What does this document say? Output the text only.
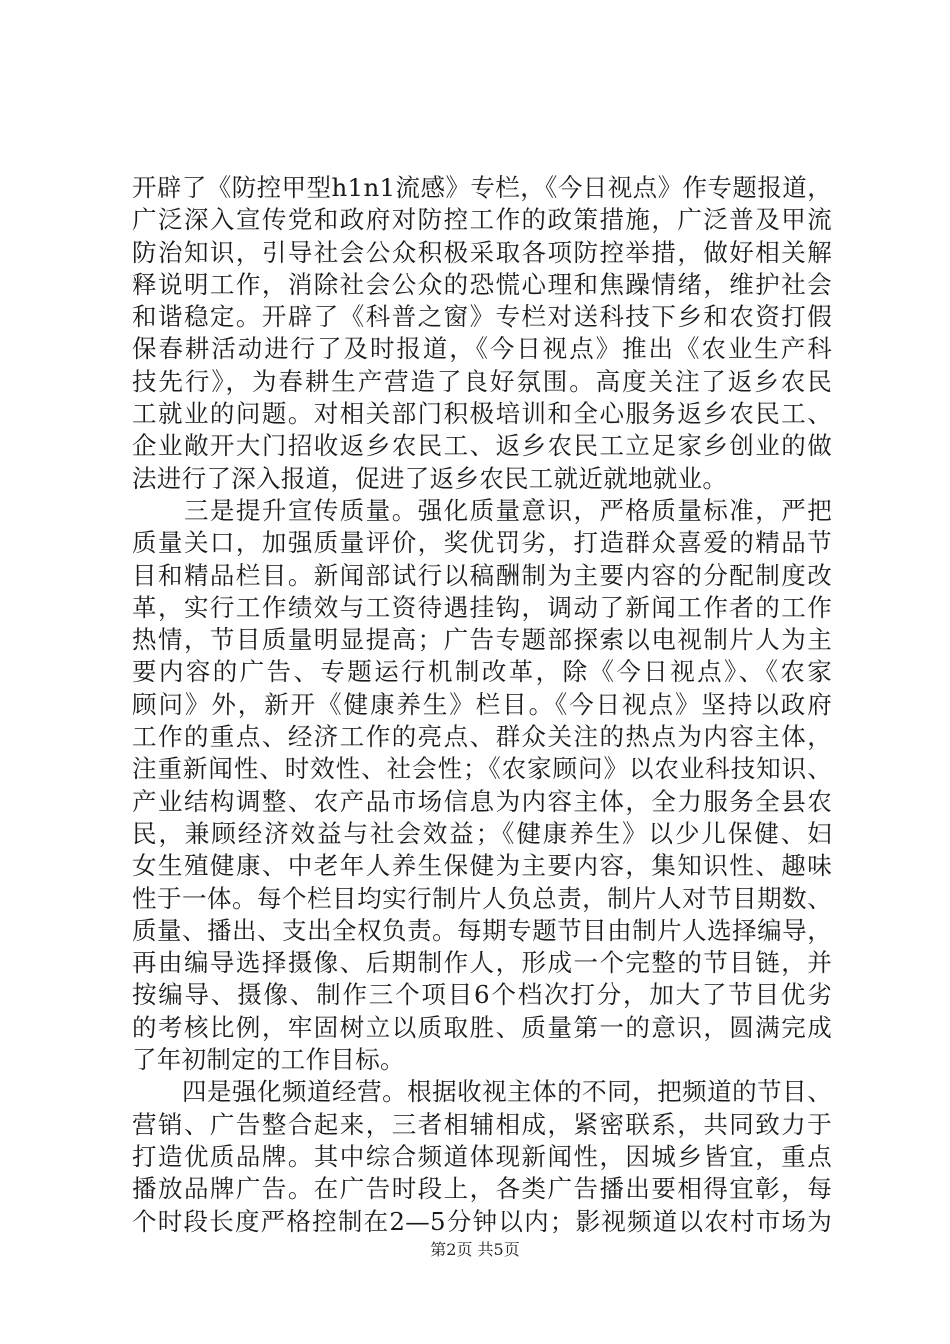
开辟了《防控甲型h1n1流感》专栏，《今日视点》作专题报道，
广泛深入宣传党和政府对防控工作的政策措施，广泛普及甲流
防治知识，引导社会公众积极采取各项防控举措，做好相关解
释说明工作，消除社会公众的恐慌心理和焦躁情绪，维护社会
和谐稳定。开辟了《科普之窗》专栏对送科技下乡和农资打假
保春耕活动进行了及时报道，《今日视点》推出《农业生产科
技先行》，为春耕生产营造了良好氛围。高度关注了返乡农民
工就业的问题。对相关部门积极培训和全心服务返乡农民工、
企业敞开大门招收返乡农民工、返乡农民工立足家乡创业的做
法进行了深入报道，促进了返乡农民工就近就地就业。
　　三是提升宣传质量。强化质量意识，严格质量标准，严把
质量关口，加强质量评价，奖优罚劣，打造群众喜爱的精品节
目和精品栏目。新闻部试行以稿酬制为主要内容的分配制度改
革，实行工作绩效与工资待遇挂钩，调动了新闻工作者的工作
热情，节目质量明显提高；广告专题部探索以电视制片人为主
要内容的广告、专题运行机制改革，除《今日视点》、《农家
顾问》外，新开《健康养生》栏目。《今日视点》坚持以政府
工作的重点、经济工作的亮点、群众关注的热点为内容主体，
注重新闻性、时效性、社会性；《农家顾问》以农业科技知识、
产业结构调整、农产品市场信息为内容主体，全力服务全县农
民，兼顾经济效益与社会效益；《健康养生》以少儿保健、妇
女生殖健康、中老年人养生保健为主要内容，集知识性、趣味
性于一体。每个栏目均实行制片人负总责，制片人对节目期数、
质量、播出、支出全权负责。每期专题节目由制片人选择编导，
再由编导选择摄像、后期制作人，形成一个完整的节目链，并
按编导、摄像、制作三个项目6个档次打分，加大了节目优劣
的考核比例，牢固树立以质取胜、质量第一的意识，圆满完成
了年初制定的工作目标。
　　四是强化频道经营。根据收视主体的不同，把频道的节目、
营销、广告整合起来，三者相辅相成，紧密联系，共同致力于
打造优质品牌。其中综合频道体现新闻性，因城乡皆宜，重点
播放品牌广告。在广告时段上，各类广告播出要相得宜彰，每
个时段长度严格控制在2—5分钟以内；影视频道以农村市场为
第2页 共5页
